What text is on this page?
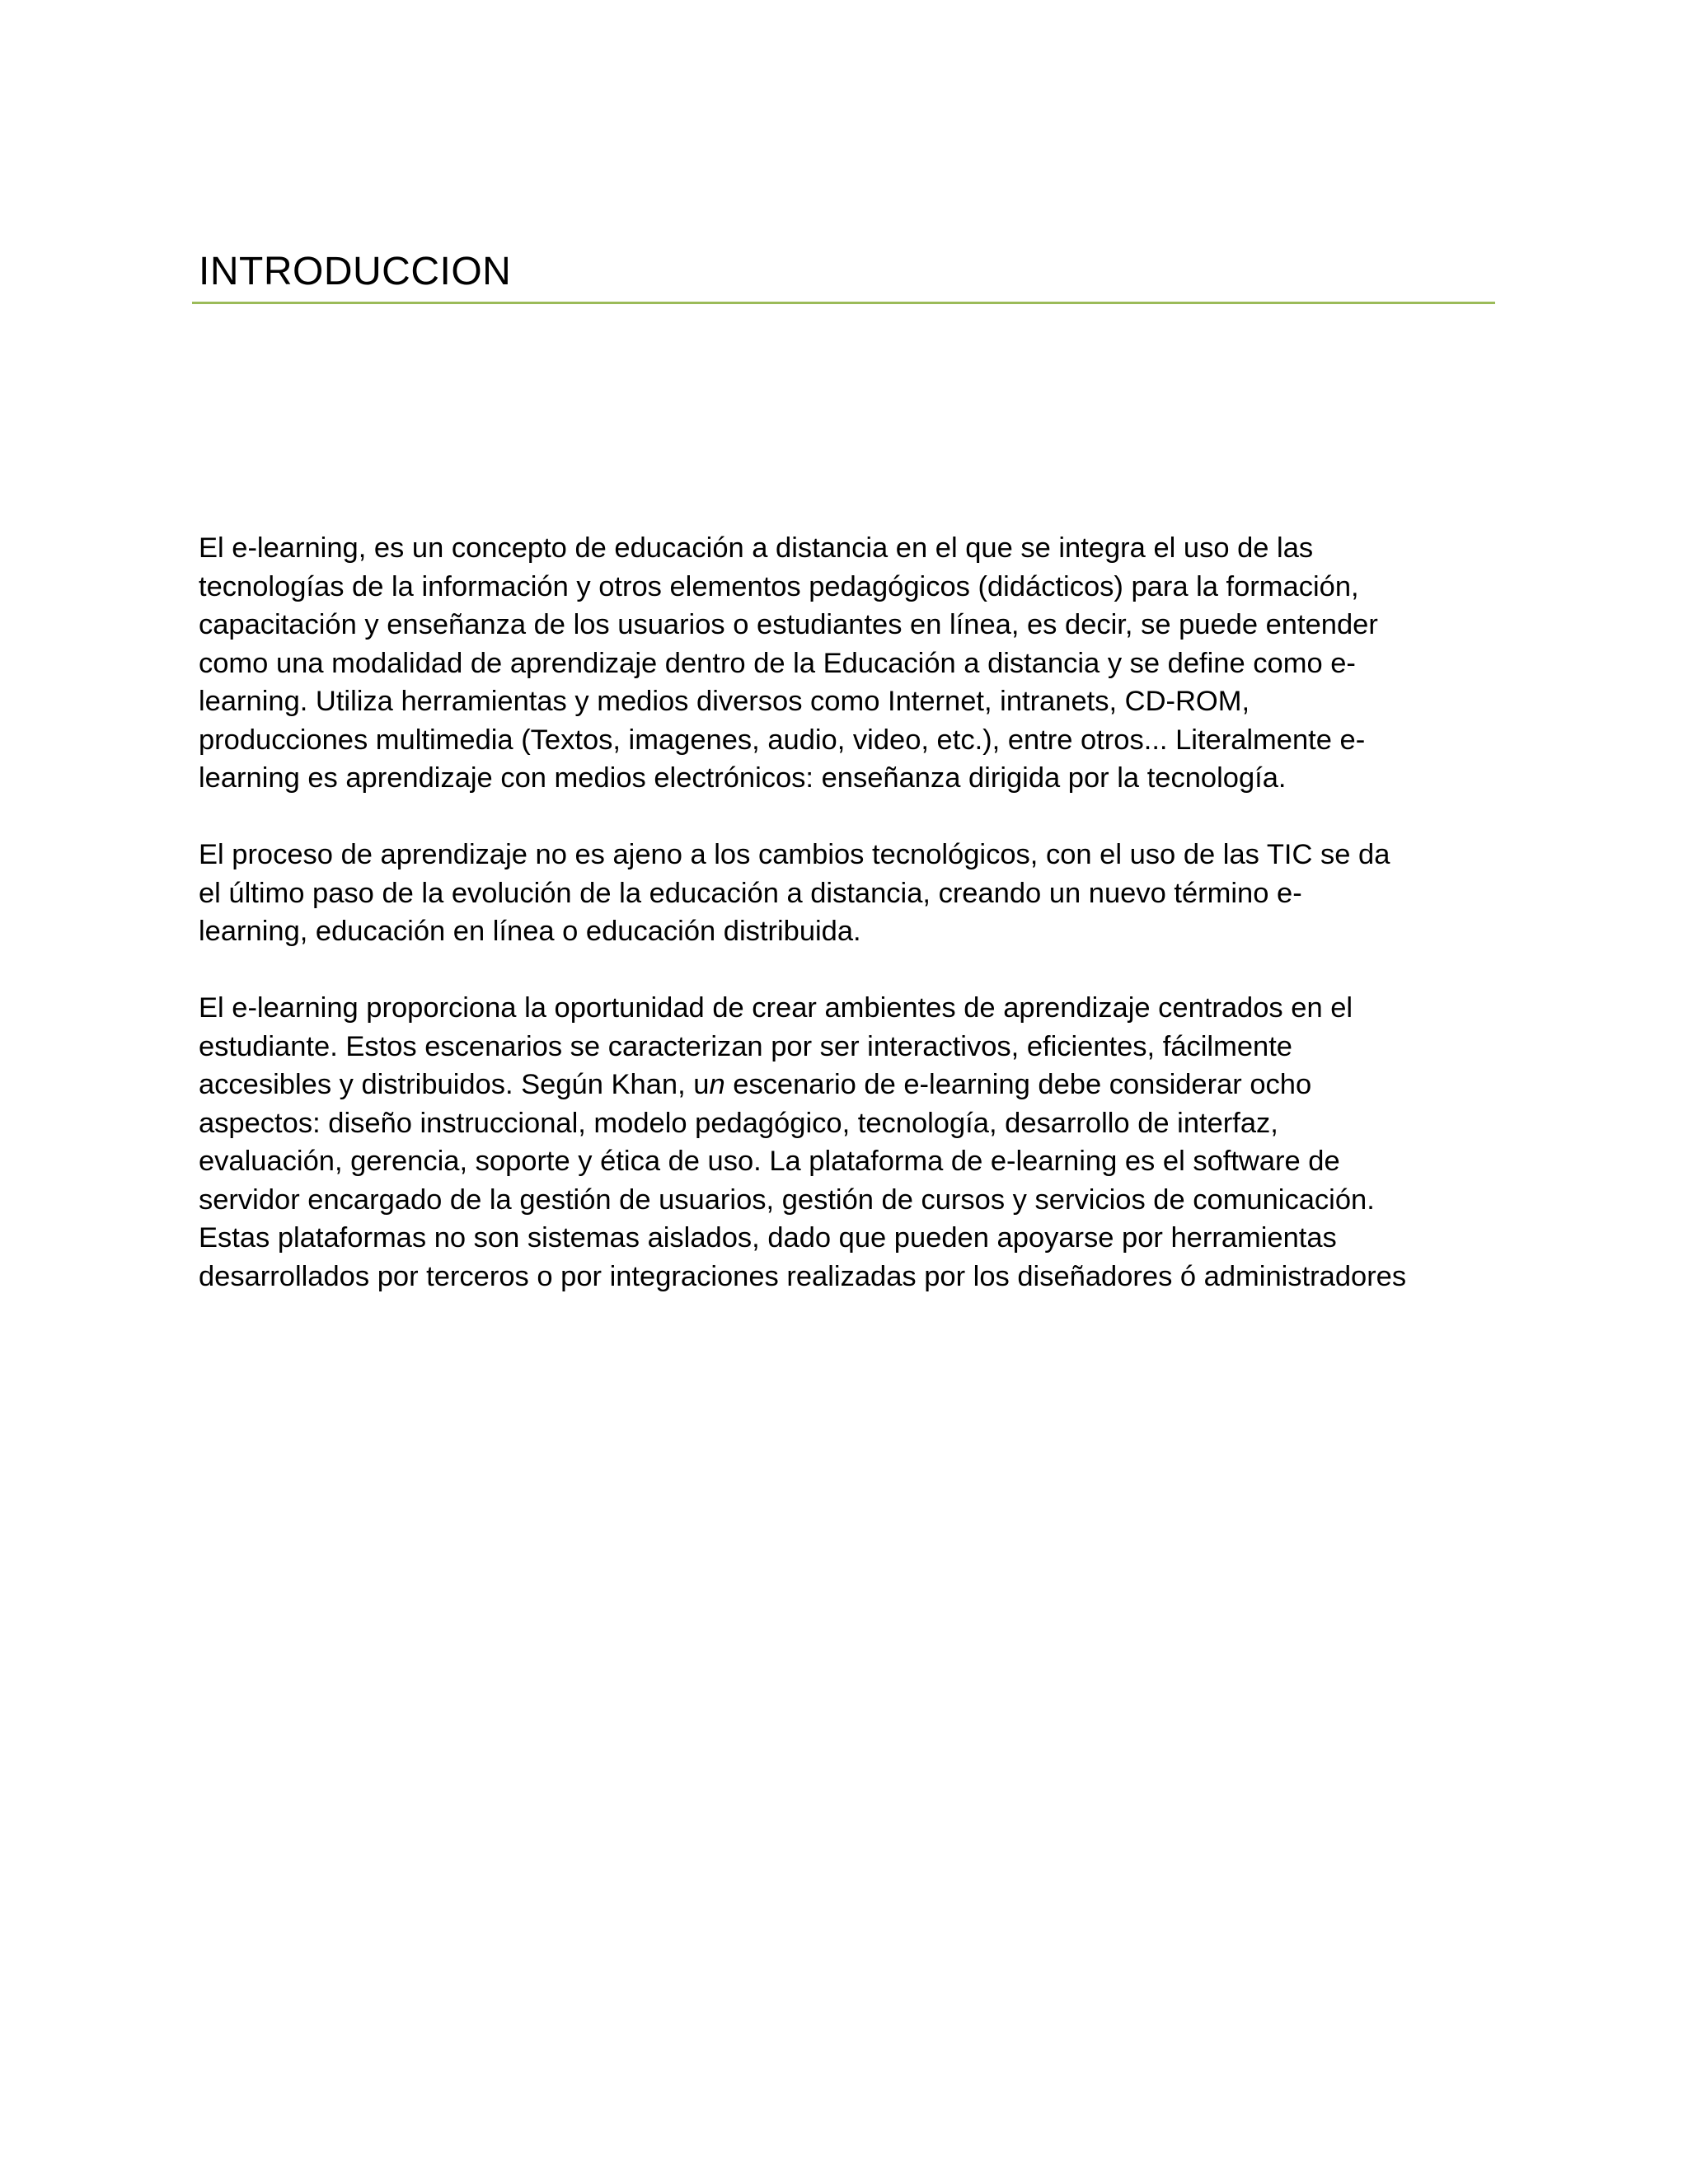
INTRODUCCION

El e-learning, es un concepto de educación a distancia en el que se integra el uso de las
tecnologías de la información y otros elementos pedagógicos (didácticos) para la formación,
capacitación y enseñanza de los usuarios o estudiantes en línea, es decir, se puede entender
como una modalidad de aprendizaje dentro de la Educación a distancia y se define como e-
learning. Utiliza herramientas y medios diversos como Internet, intranets, CD-ROM,
producciones multimedia (Textos, imagenes, audio, video, etc.), entre otros... Literalmente e-
learning es aprendizaje con medios electrónicos: enseñanza dirigida por la tecnología.

El proceso de aprendizaje no es ajeno a los cambios tecnológicos, con el uso de las TIC se da
el último paso de la evolución de la educación a distancia, creando un nuevo término e-
learning, educación en línea o educación distribuida.

El e-learning proporciona la oportunidad de crear ambientes de aprendizaje centrados en el
estudiante. Estos escenarios se caracterizan por ser interactivos, eficientes, fácilmente
accesibles y distribuidos. Según Khan, un escenario de e-learning debe considerar ocho
aspectos: diseño instruccional, modelo pedagógico, tecnología, desarrollo de interfaz,
evaluación, gerencia, soporte y ética de uso. La plataforma de e-learning es el software de
servidor encargado de la gestión de usuarios, gestión de cursos y servicios de comunicación.
Estas plataformas no son sistemas aislados, dado que pueden apoyarse por herramientas
desarrollados por terceros o por integraciones realizadas por los diseñadores ó administradores
